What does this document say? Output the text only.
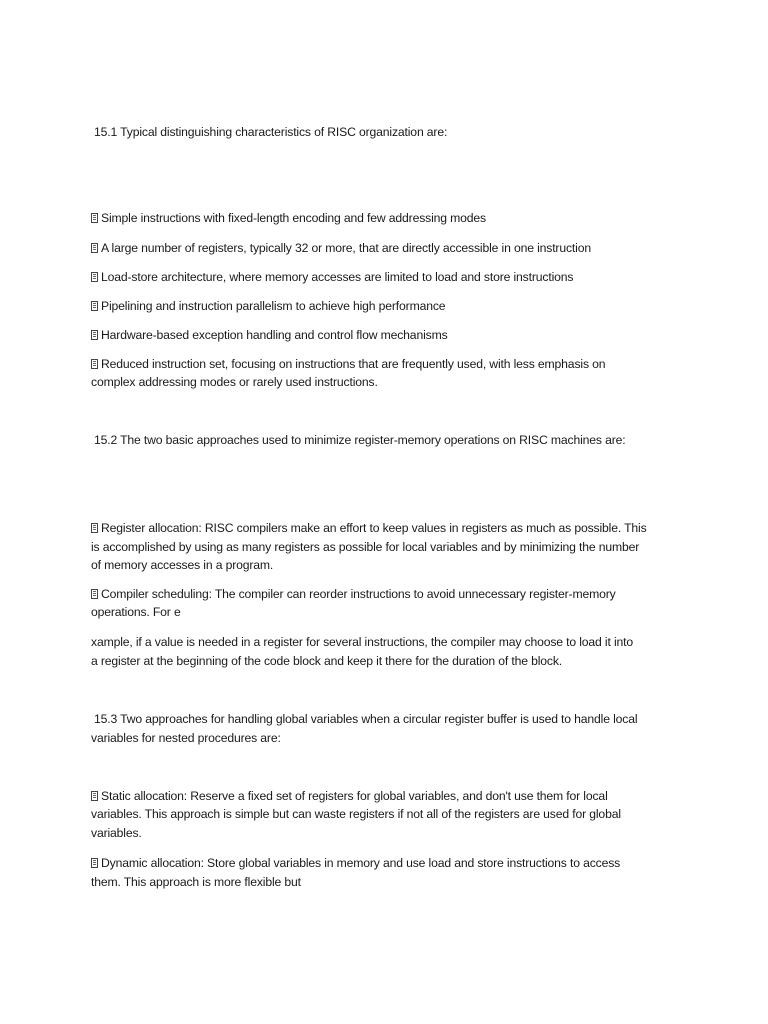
15.1 Typical distinguishing characteristics of RISC organization are:
Simple instructions with fixed-length encoding and few addressing modes
A large number of registers, typically 32 or more, that are directly accessible in one instruction
Load-store architecture, where memory accesses are limited to load and store instructions
Pipelining and instruction parallelism to achieve high performance
Hardware-based exception handling and control flow mechanisms
Reduced instruction set, focusing on instructions that are frequently used, with less emphasis on
complex addressing modes or rarely used instructions.
15.2 The two basic approaches used to minimize register-memory operations on RISC machines are:
Register allocation: RISC compilers make an effort to keep values in registers as much as possible. This
is accomplished by using as many registers as possible for local variables and by minimizing the number
of memory accesses in a program.
Compiler scheduling: The compiler can reorder instructions to avoid unnecessary register-memory
operations. For e
xample, if a value is needed in a register for several instructions, the compiler may choose to load it into
a register at the beginning of the code block and keep it there for the duration of the block.
15.3 Two approaches for handling global variables when a circular register buffer is used to handle local
variables for nested procedures are:
Static allocation: Reserve a fixed set of registers for global variables, and don't use them for local
variables. This approach is simple but can waste registers if not all of the registers are used for global
variables.
Dynamic allocation: Store global variables in memory and use load and store instructions to access
them. This approach is more flexible but
